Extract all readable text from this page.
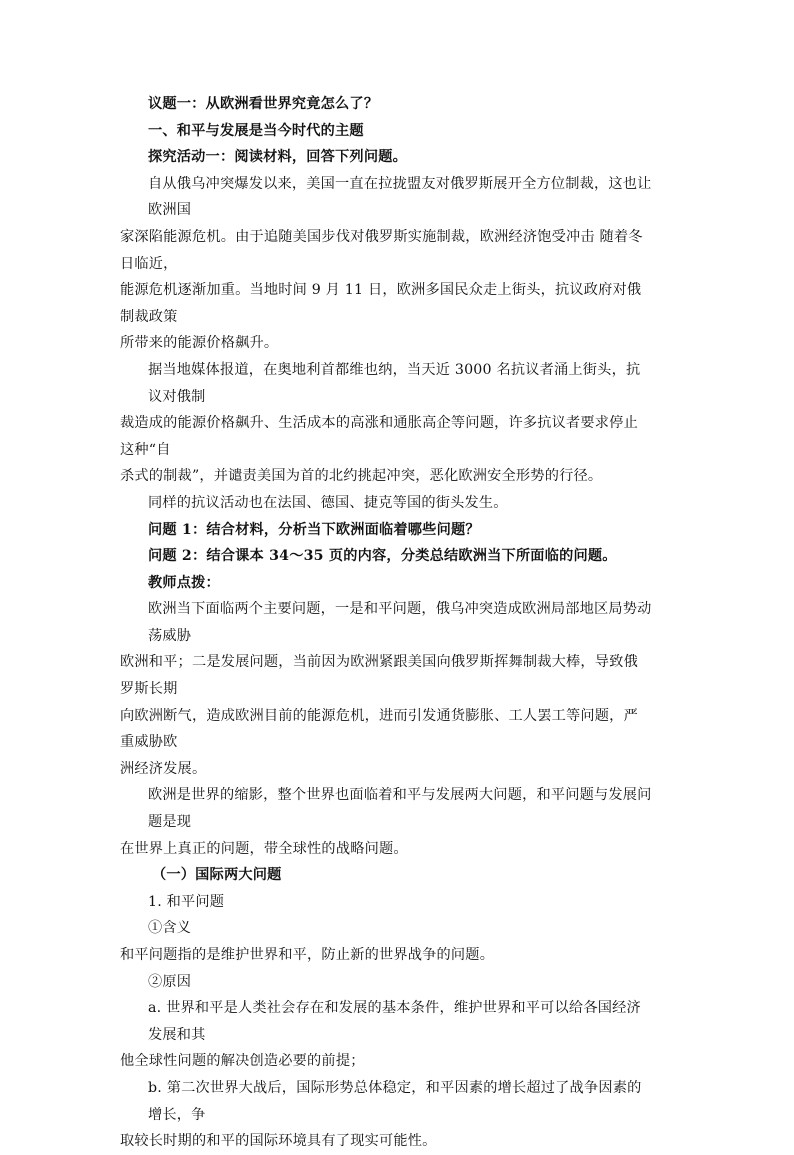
议题一：从欧洲看世界究竟怎么了？

一、和平与发展是当今时代的主题

探究活动一：阅读材料，回答下列问题。

自从俄乌冲突爆发以来，美国一直在拉拢盟友对俄罗斯展开全方位制裁，这也让欧洲国

家深陷能源危机。由于追随美国步伐对俄罗斯实施制裁，欧洲经济饱受冲击 随着冬日临近，

能源危机逐渐加重。当地时间 9 月 11 日，欧洲多国民众走上街头，抗议政府对俄制裁政策

所带来的能源价格飙升。

据当地媒体报道，在奥地利首都维也纳，当天近 3000 名抗议者涌上街头，抗议对俄制

裁造成的能源价格飙升、生活成本的高涨和通胀高企等问题，许多抗议者要求停止这种“自

杀式的制裁”，并谴责美国为首的北约挑起冲突，恶化欧洲安全形势的行径。

同样的抗议活动也在法国、德国、捷克等国的街头发生。

问题 1：结合材料，分析当下欧洲面临着哪些问题？

问题 2：结合课本 34～35 页的内容，分类总结欧洲当下所面临的问题。

教师点拨：

欧洲当下面临两个主要问题，一是和平问题，俄乌冲突造成欧洲局部地区局势动荡威胁

欧洲和平；二是发展问题，当前因为欧洲紧跟美国向俄罗斯挥舞制裁大棒，导致俄罗斯长期

向欧洲断气，造成欧洲目前的能源危机，进而引发通货膨胀、工人罢工等问题，严重威胁欧

洲经济发展。

欧洲是世界的缩影，整个世界也面临着和平与发展两大问题，和平问题与发展问题是现

在世界上真正的问题，带全球性的战略问题。

（一）国际两大问题

1. 和平问题

①含义

和平问题指的是维护世界和平，防止新的世界战争的问题。

②原因

a. 世界和平是人类社会存在和发展的基本条件，维护世界和平可以给各国经济发展和其

他全球性问题的解决创造必要的前提；

b. 第二次世界大战后，国际形势总体稳定，和平因素的增长超过了战争因素的增长，争

取较长时期的和平的国际环境具有了现实可能性。
